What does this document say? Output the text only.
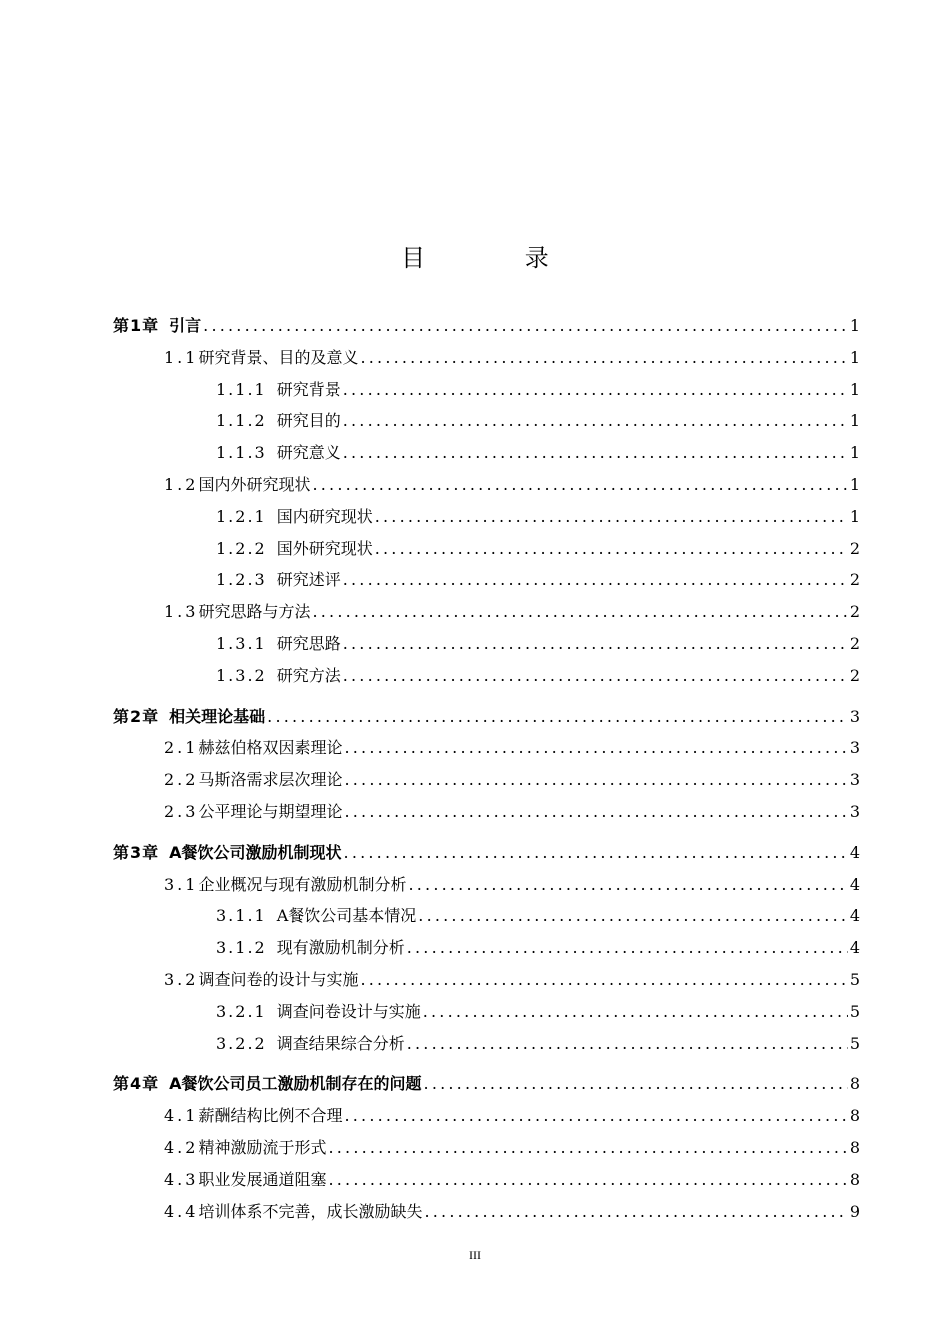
目 录
第1章 引言 .....	1
1.1 研究背景、目的及意义 .....	1
1.1.1 研究背景 .....	1
1.1.2 研究目的 .....	1
1.1.3 研究意义 .....	1
1.2 国内外研究现状 .....	1
1.2.1 国内研究现状 .....	1
1.2.2 国外研究现状 .....	2
1.2.3 研究述评 .....	2
1.3 研究思路与方法 .....	2
1.3.1 研究思路 .....	2
1.3.2 研究方法 .....	2
第2章 相关理论基础 .....	3
2.1 赫兹伯格双因素理论 .....	3
2.2 马斯洛需求层次理论 .....	3
2.3 公平理论与期望理论 .....	3
第3章 A餐饮公司激励机制现状 .....	4
3.1 企业概况与现有激励机制分析 .....	4
3.1.1 A餐饮公司基本情况 .....	4
3.1.2 现有激励机制分析 .....	4
3.2 调查问卷的设计与实施 .....	5
3.2.1 调查问卷设计与实施 .....	5
3.2.2 调查结果综合分析 .....	5
第4章 A餐饮公司员工激励机制存在的问题 .....	8
4.1 薪酬结构比例不合理 .....	8
4.2 精神激励流于形式 .....	8
4.3 职业发展通道阻塞 .....	8
4.4 培训体系不完善，成长激励缺失 .....	9
III
